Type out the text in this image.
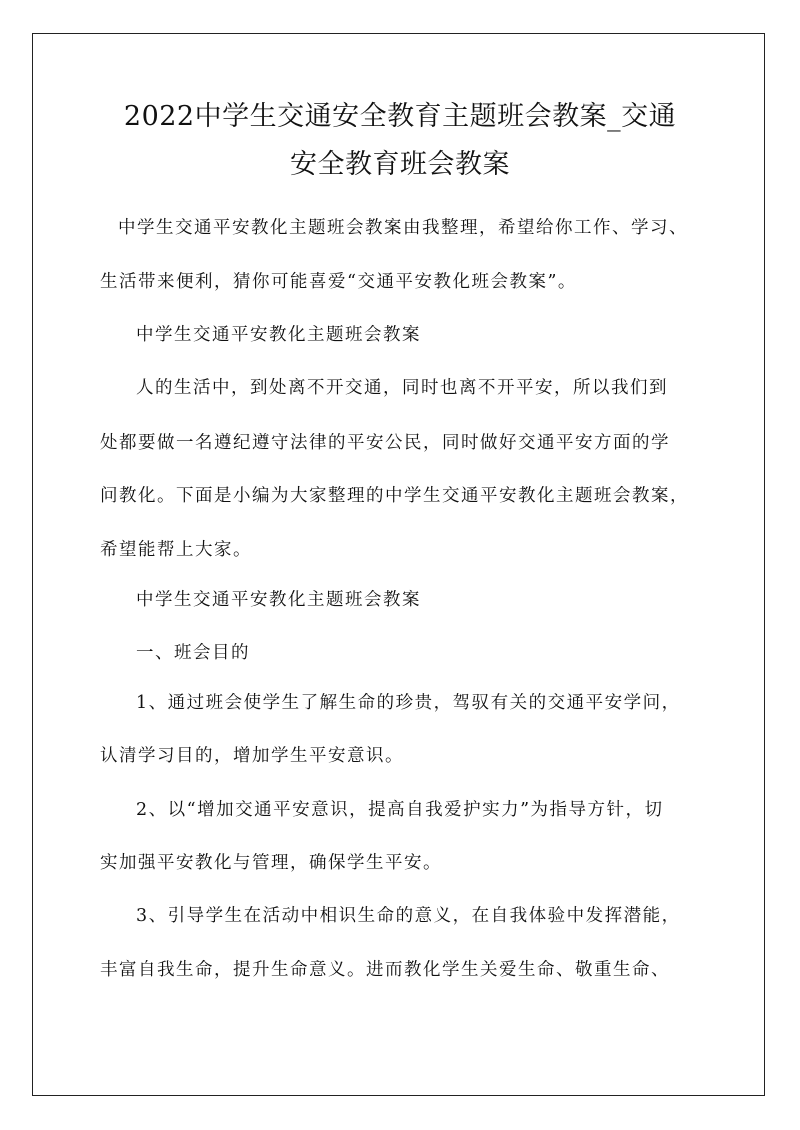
2022中学生交通安全教育主题班会教案_交通
安全教育班会教案

中学生交通平安教化主题班会教案由我整理，希望给你工作、学习、

生活带来便利，猜你可能喜爱“交通平安教化班会教案”。

中学生交通平安教化主题班会教案

人的生活中，到处离不开交通，同时也离不开平安，所以我们到

处都要做一名遵纪遵守法律的平安公民，同时做好交通平安方面的学

问教化。下面是小编为大家整理的中学生交通平安教化主题班会教案，

希望能帮上大家。

中学生交通平安教化主题班会教案

一、班会目的

1、通过班会使学生了解生命的珍贵，驾驭有关的交通平安学问，

认清学习目的，增加学生平安意识。

2、以“增加交通平安意识，提高自我爱护实力”为指导方针，切

实加强平安教化与管理，确保学生平安。

3、引导学生在活动中相识生命的意义，在自我体验中发挥潜能，

丰富自我生命，提升生命意义。进而教化学生关爱生命、敬重生命、
